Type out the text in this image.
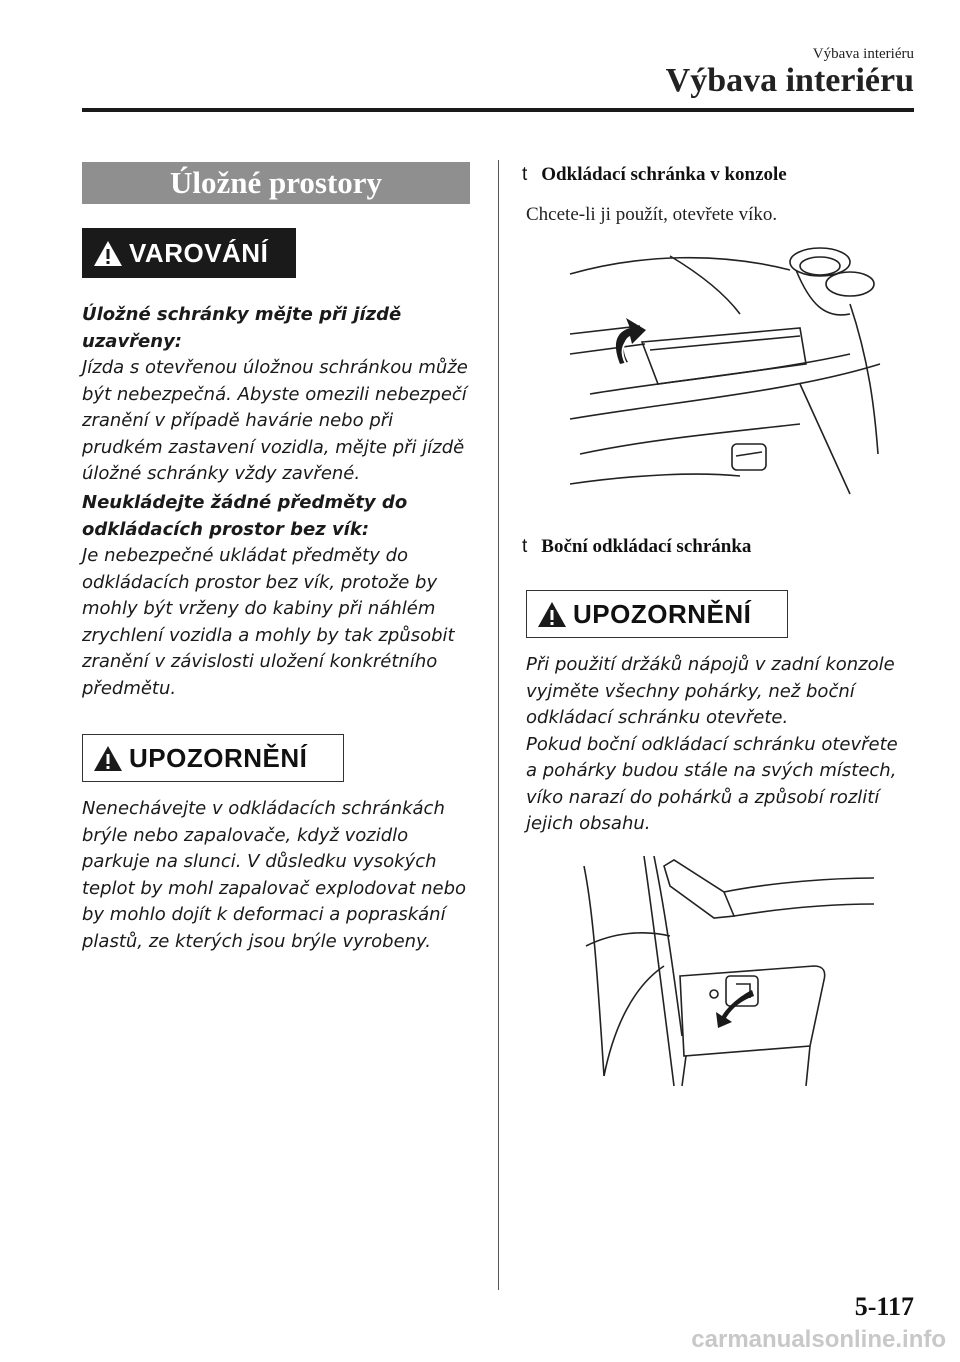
Výbava interiéru
Výbava interiéru
Úložné prostory
VAROVÁNÍ
Úložné schránky mějte při jízdě uzavřeny:
Jízda s otevřenou úložnou schránkou může
být nebezpečná. Abyste omezili nebezpečí
zranění v případě havárie nebo při
prudkém zastavení vozidla, mějte při jízdě
úložné schránky vždy zavřené.
Neukládejte žádné předměty do
odkládacích prostor bez vík:
Je nebezpečné ukládat předměty do
odkládacích prostor bez vík, protože by
mohly být vrženy do kabiny při náhlém
zrychlení vozidla a mohly by tak způsobit
zranění v závislosti uložení konkrétního
předmětu.
UPOZORNĚNÍ
Nenechávejte v odkládacích schránkách
brýle nebo zapalovače, když vozidlo
parkuje na slunci. V důsledku vysokých
teplot by mohl zapalovač explodovat nebo
by mohlo dojít k deformaci a popraskání
plastů, ze kterých jsou brýle vyrobeny.
t Odkládací schránka v konzole
Chcete-li ji použít, otevřete víko.
t Boční odkládací schránka
UPOZORNĚNÍ
Při použití držáků nápojů v zadní konzole
vyjměte všechny pohárky, než boční
odkládací schránku otevřete.
Pokud boční odkládací schránku otevřete
a pohárky budou stále na svých místech,
víko narazí do pohárků a způsobí rozlití
jejich obsahu.
5-117
carmanualsonline.info
